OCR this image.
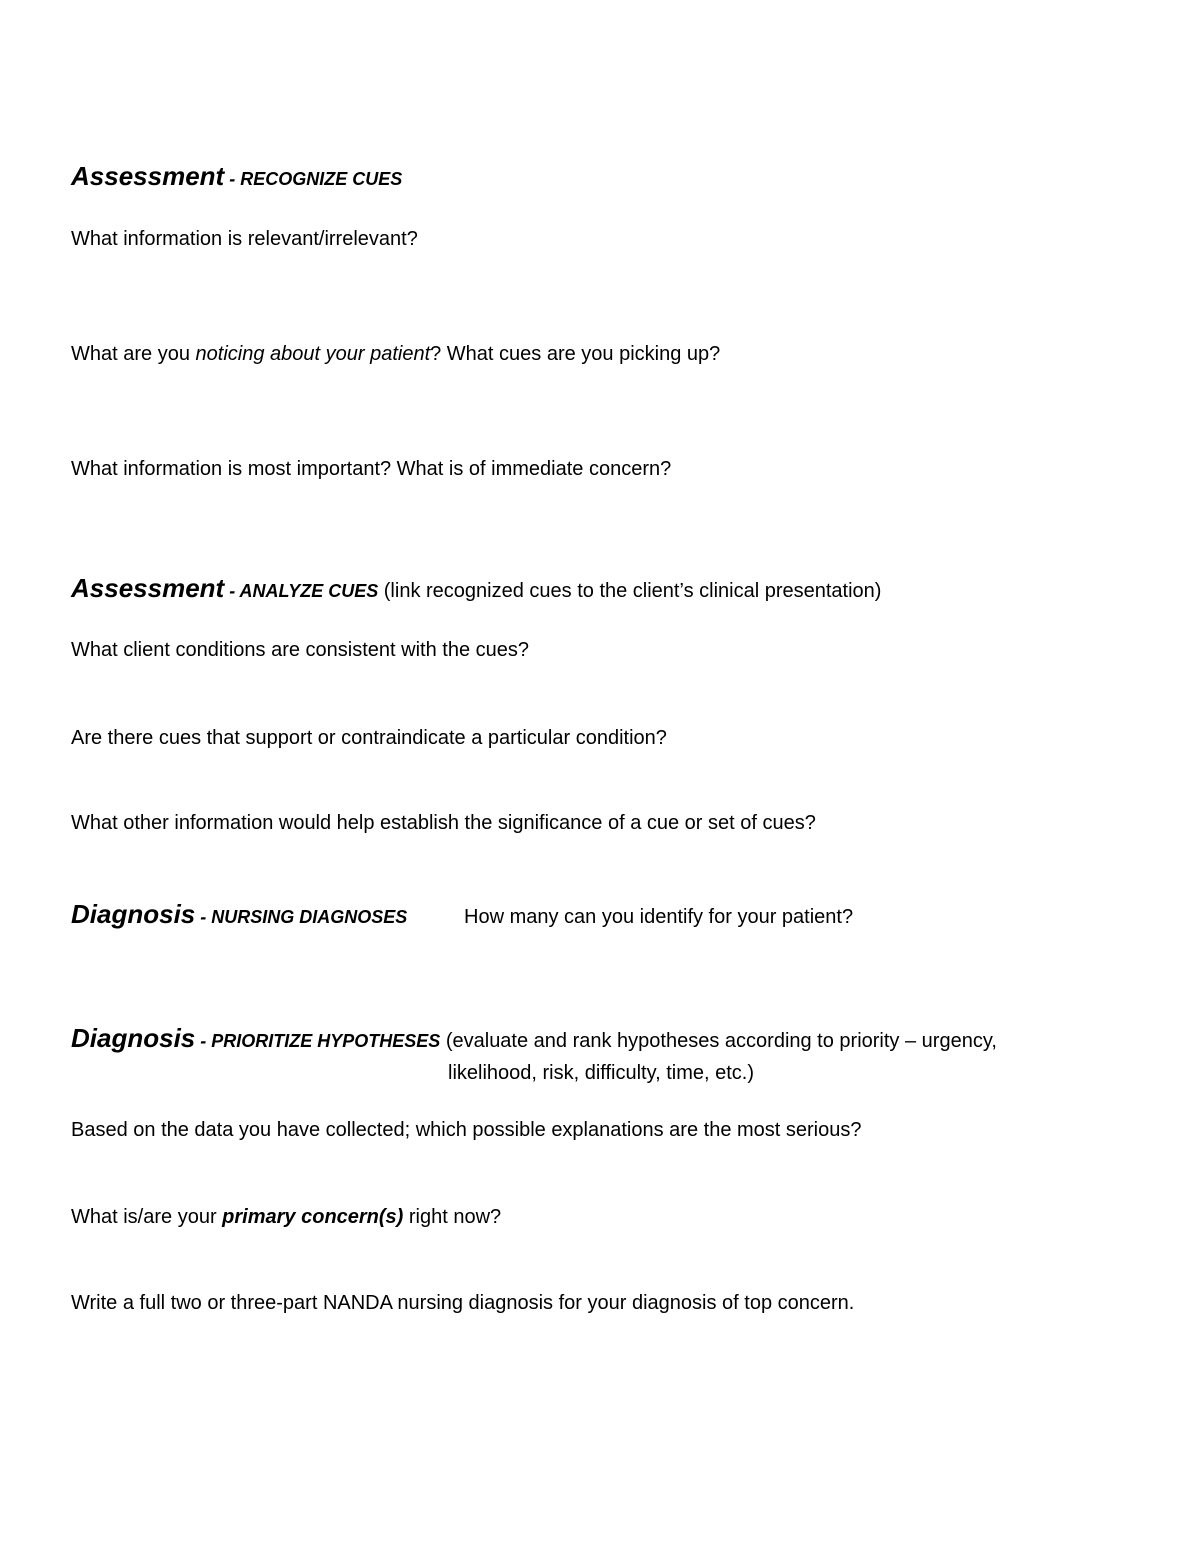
Assessment - RECOGNIZE CUES
What information is relevant/irrelevant?
What are you noticing about your patient? What cues are you picking up?
What information is most important? What is of immediate concern?
Assessment - ANALYZE CUES (link recognized cues to the client’s clinical presentation)
What client conditions are consistent with the cues?
Are there cues that support or contraindicate a particular condition?
What other information would help establish the significance of a cue or set of cues?
Diagnosis - NURSING DIAGNOSES	How many can you identify for your patient?
Diagnosis - PRIORITIZE HYPOTHESES (evaluate and rank hypotheses according to priority – urgency,
likelihood, risk, difficulty, time, etc.)
Based on the data you have collected; which possible explanations are the most serious?
What is/are your primary concern(s) right now?
Write a full two or three-part NANDA nursing diagnosis for your diagnosis of top concern.
